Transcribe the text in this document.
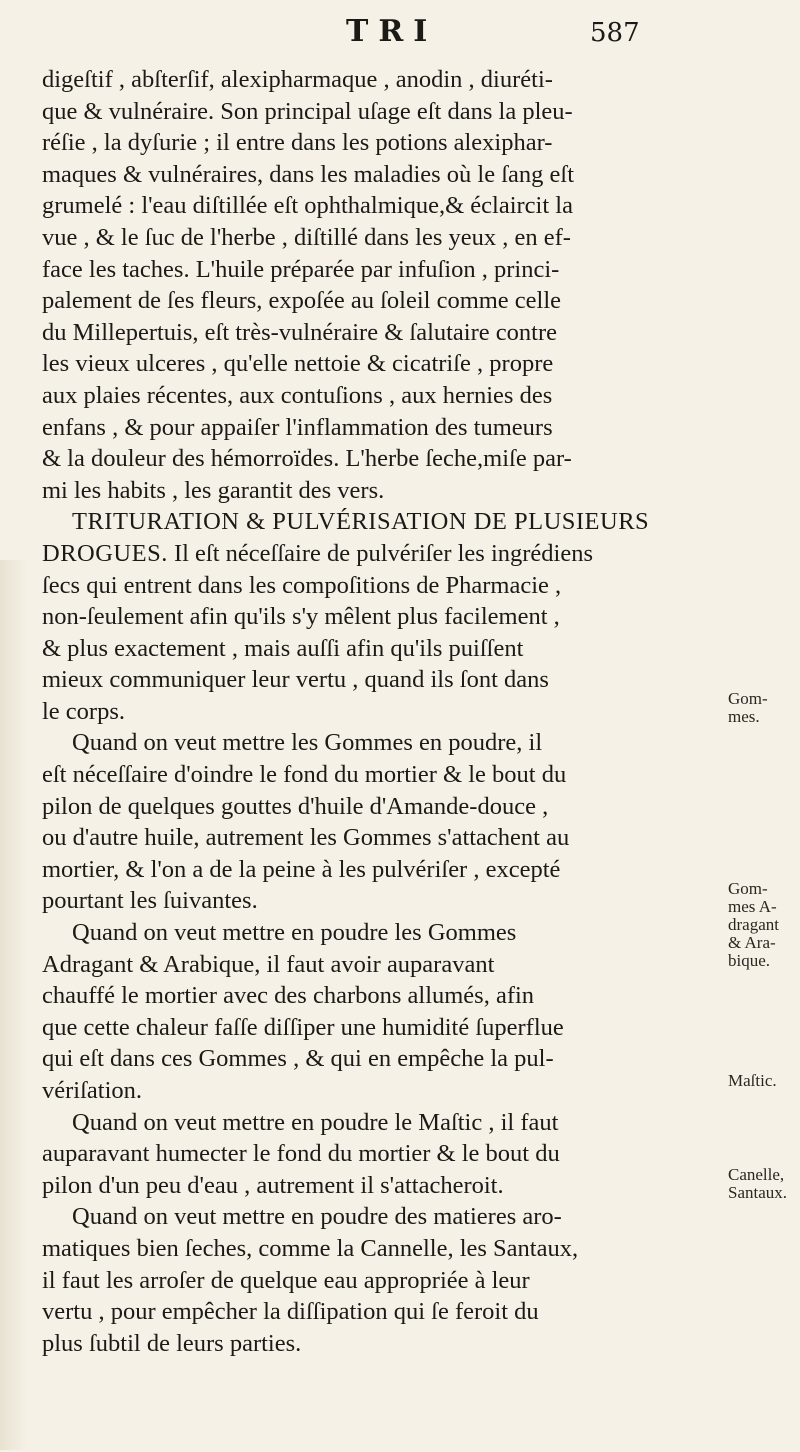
TRI	587

digeſtif , abſterſif, alexipharmaque , anodin , diuréti-
que & vulnéraire. Son principal uſage eſt dans la pleu-
réſie , la dyſurie ; il entre dans les potions alexiphar-
maques & vulnéraires, dans les maladies où le ſang eſt
grumelé : l'eau diſtillée eſt ophthalmique,& éclaircit la
vue , & le ſuc de l'herbe , diſtillé dans les yeux , en ef-
face les taches. L'huile préparée par infuſion , princi-
palement de ſes fleurs, expoſée au ſoleil comme celle
du Millepertuis, eſt très-vulnéraire & ſalutaire contre
les vieux ulceres , qu'elle nettoie & cicatriſe , propre
aux plaies récentes, aux contuſions , aux hernies des
enfans , & pour appaiſer l'inflammation des tumeurs
& la douleur des hémorroïdes. L'herbe ſeche,miſe par-
mi les habits , les garantit des vers.

TRITURATION & PULVÉRISATION DE PLUSIEURS

DROGUES. Il eſt néceſſaire de pulvériſer les ingrédiens
ſecs qui entrent dans les compoſitions de Pharmacie ,
non-ſeulement afin qu'ils s'y mêlent plus facilement ,
& plus exactement , mais auſſi afin qu'ils puiſſent
mieux communiquer leur vertu , quand ils ſont dans
le corps.

Quand on veut mettre les Gommes en poudre, il
eſt néceſſaire d'oindre le fond du mortier & le bout du
pilon de quelques gouttes d'huile d'Amande-douce ,
ou d'autre huile, autrement les Gommes s'attachent au
mortier, & l'on a de la peine à les pulvériſer , excepté
pourtant les ſuivantes.

Quand on veut mettre en poudre les Gommes
Adragant & Arabique, il faut avoir auparavant
chauffé le mortier avec des charbons allumés, afin
que cette chaleur faſſe diſſiper une humidité ſuperflue
qui eſt dans ces Gommes , & qui en empêche la pul-
vériſation.

Quand on veut mettre en poudre le Maſtic , il faut
auparavant humecter le fond du mortier & le bout du
pilon d'un peu d'eau , autrement il s'attacheroit.

Quand on veut mettre en poudre des matieres aro-
matiques bien ſeches, comme la Cannelle, les Santaux,
il faut les arroſer de quelque eau appropriée à leur
vertu , pour empêcher la diſſipation qui ſe feroit du
plus ſubtil de leurs parties.

Gom-
mes.
Gom-
mes A-
dragant
& Ara-
bique.
Maſtic.
Canelle,
Santaux.
